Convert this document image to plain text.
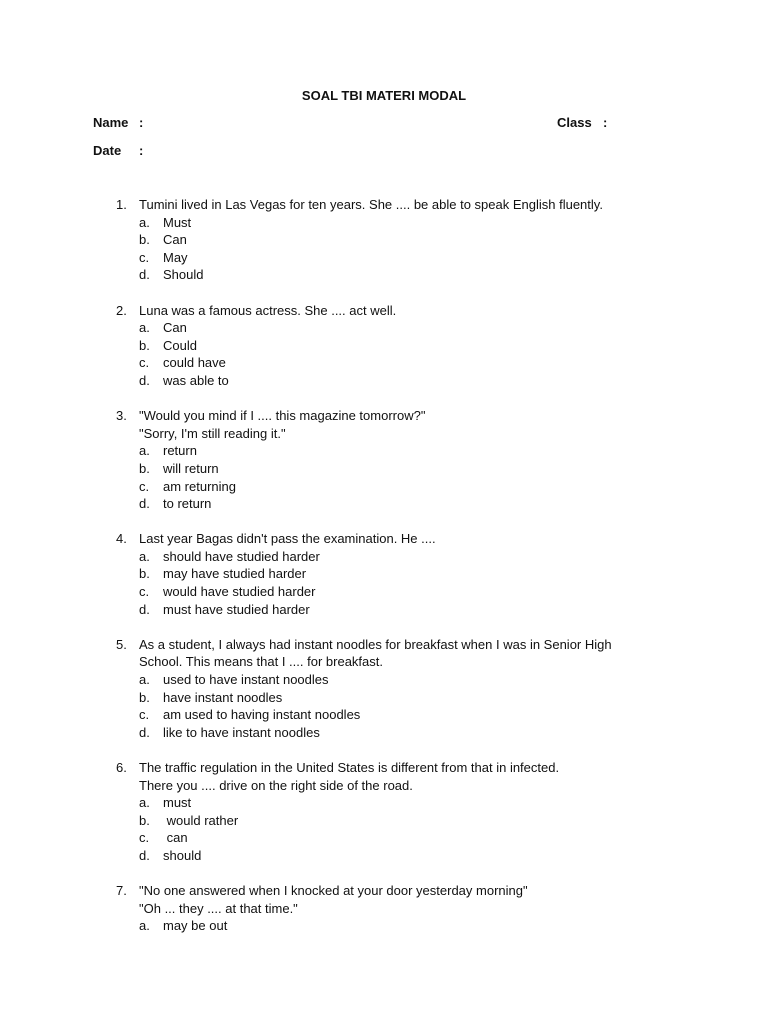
SOAL TBI MATERI MODAL
Name :	Class :
Date :
1. Tumini lived in Las Vegas for ten years. She .... be able to speak English fluently.
a. Must
b. Can
c. May
d. Should
2. Luna was a famous actress. She .... act well.
a. Can
b. Could
c. could have
d. was able to
3. "Would you mind if I .... this magazine tomorrow?"
"Sorry, I'm still reading it."
a. return
b. will return
c. am returning
d. to return
4. Last year Bagas didn't pass the examination. He ....
a. should have studied harder
b. may have studied harder
c. would have studied harder
d. must have studied harder
5. As a student, I always had instant noodles for breakfast when I was in Senior High
School. This means that I .... for breakfast.
a. used to have instant noodles
b. have instant noodles
c. am used to having instant noodles
d. like to have instant noodles
6. The traffic regulation in the United States is different from that in infected.
There you .... drive on the right side of the road.
a. must
b. would rather
c. can
d. should
7. "No one answered when I knocked at your door yesterday morning"
"Oh ... they .... at that time."
a. may be out
